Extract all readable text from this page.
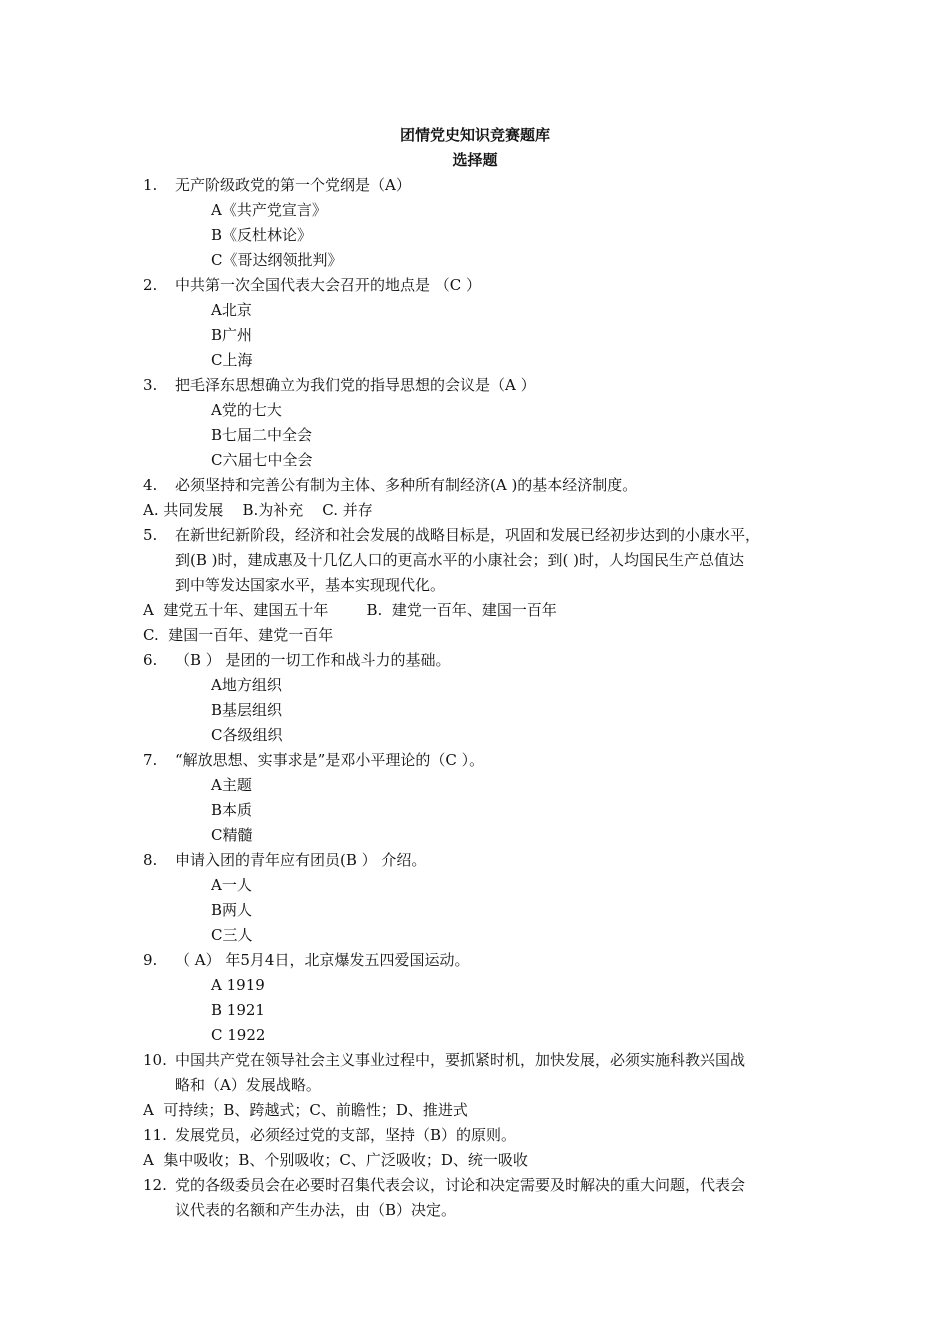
团情党史知识竞赛题库
选择题
1. 无产阶级政党的第一个党纲是（A）
A《共产党宣言》
B《反杜林论》
C《哥达纲领批判》
2. 中共第一次全国代表大会召开的地点是 （C ）
A北京
B广州
C上海
3. 把毛泽东思想确立为我们党的指导思想的会议是（A ）
A党的七大
B七届二中全会
C六届七中全会
4. 必须坚持和完善公有制为主体、多种所有制经济(A )的基本经济制度。
A. 共同发展    B.为补充    C. 并存
5. 在新世纪新阶段，经济和社会发展的战略目标是，巩固和发展已经初步达到的小康水平，
到(B )时，建成惠及十几亿人口的更高水平的小康社会；到( )时，人均国民生产总值达
到中等发达国家水平，基本实现现代化。
A  建党五十年、建国五十年        B.  建党一百年、建国一百年
C.  建国一百年、建党一百年
6. （B ） 是团的一切工作和战斗力的基础。
A地方组织
B基层组织
C各级组织
7. “解放思想、实事求是”是邓小平理论的（C ）。
A主题
B本质
C精髓
8. 申请入团的青年应有团员(B ） 介绍。
A一人
B两人
C三人
9. （ A） 年5月4日，北京爆发五四爱国运动。
A 1919
B 1921
C 1922
10. 中国共产党在领导社会主义事业过程中，要抓紧时机，加快发展，必须实施科教兴国战
略和（A）发展战略。
A  可持续；B、跨越式；C、前瞻性；D、推进式
11. 发展党员，必须经过党的支部，坚持（B）的原则。
A  集中吸收；B、个别吸收；C、广泛吸收；D、统一吸收
12. 党的各级委员会在必要时召集代表会议，讨论和决定需要及时解决的重大问题，代表会
议代表的名额和产生办法，由（B）决定。
